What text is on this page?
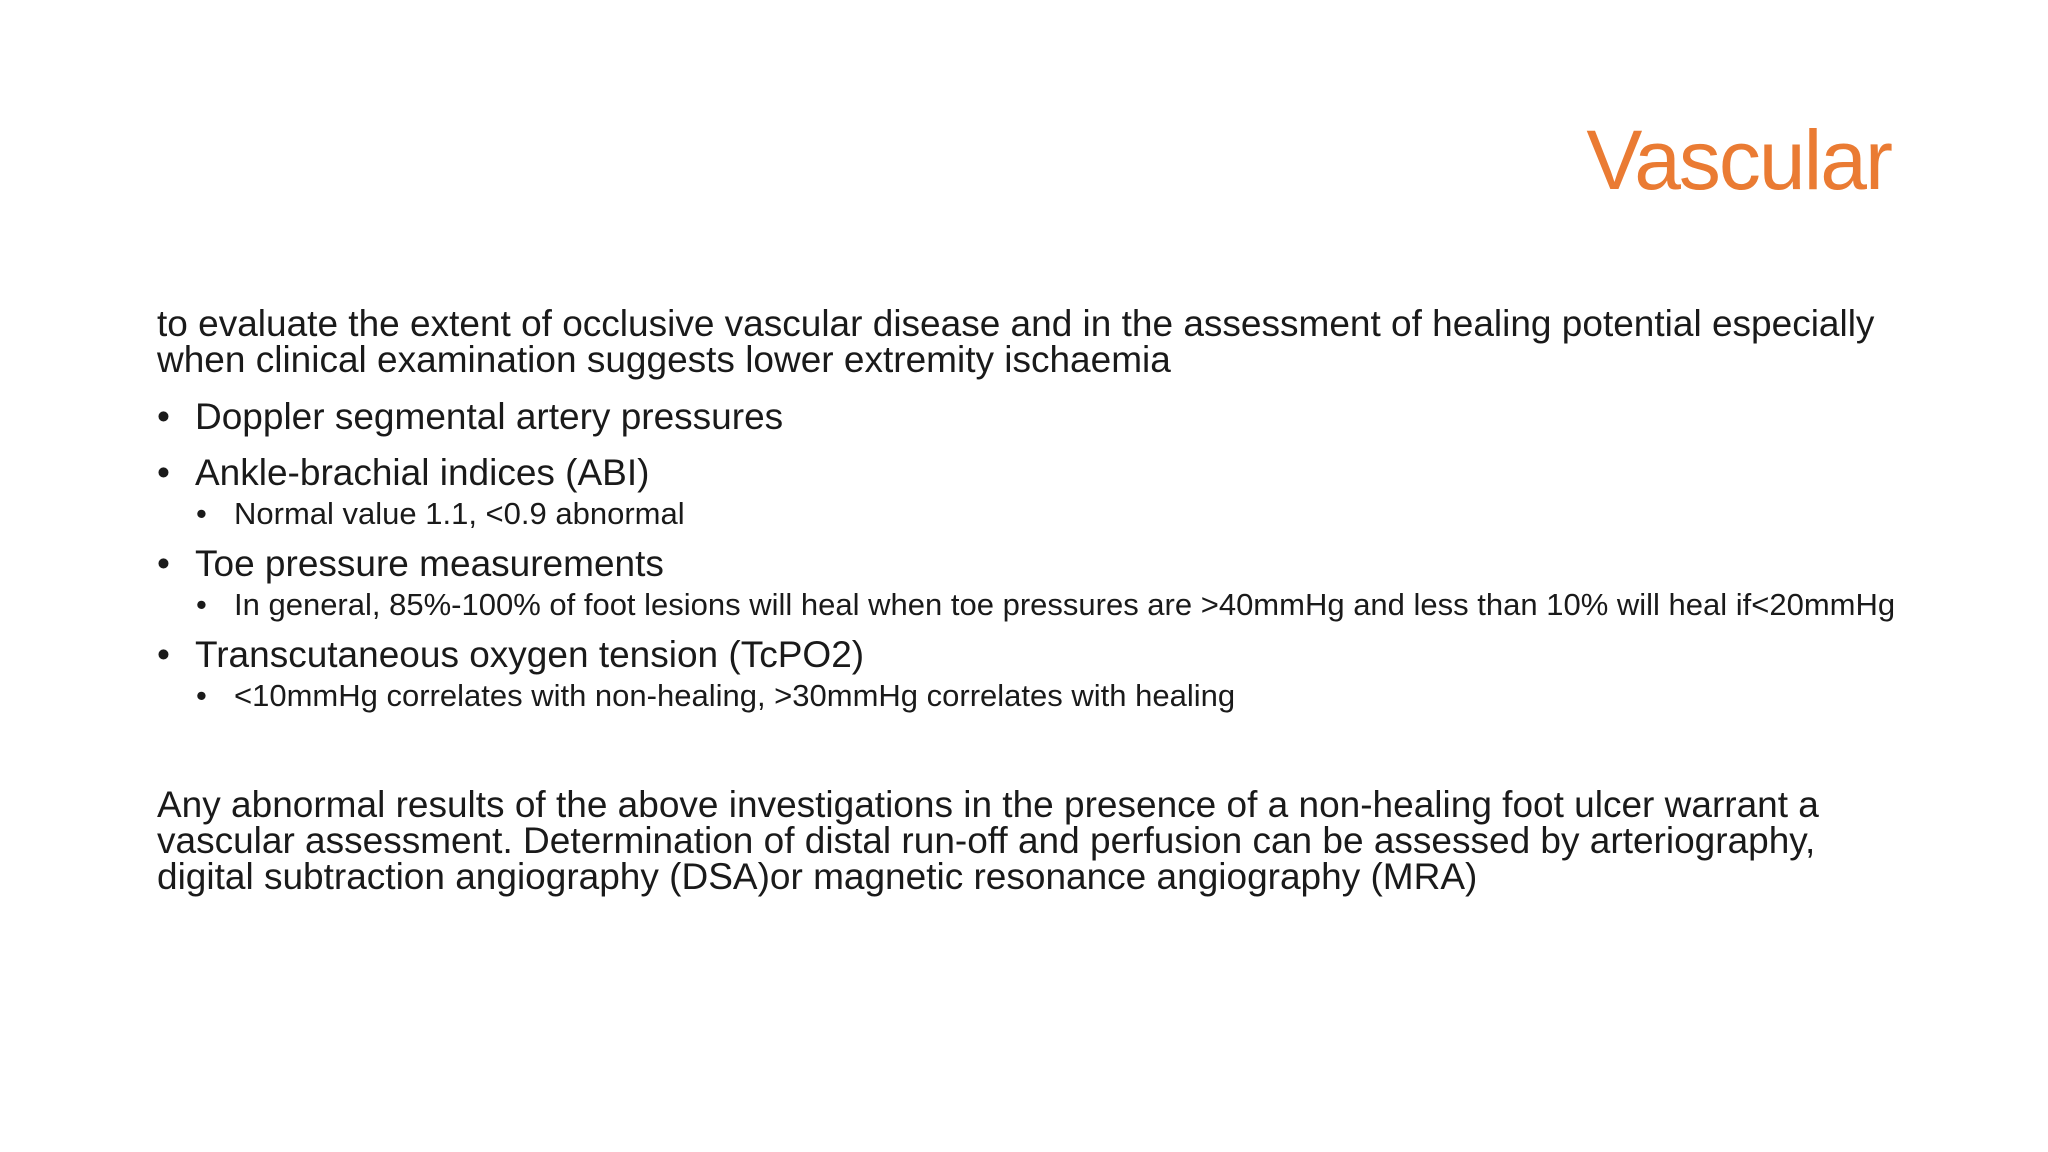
Vascular

to evaluate the extent of occlusive vascular disease and in the assessment of healing potential especially when clinical examination suggests lower extremity ischaemia

• Doppler segmental artery pressures
• Ankle-brachial indices (ABI)
• Normal value 1.1, <0.9 abnormal
• Toe pressure measurements
• In general, 85%-100% of foot lesions will heal when toe pressures are >40mmHg and less than 10% will heal if<20mmHg
• Transcutaneous oxygen tension (TcPO2)
• <10mmHg correlates with non-healing, >30mmHg correlates with healing

Any abnormal results of the above investigations in the presence of a non-healing foot ulcer warrant a vascular assessment. Determination of distal run-off and perfusion can be assessed by arteriography, digital subtraction angiography (DSA)or magnetic resonance angiography (MRA)
